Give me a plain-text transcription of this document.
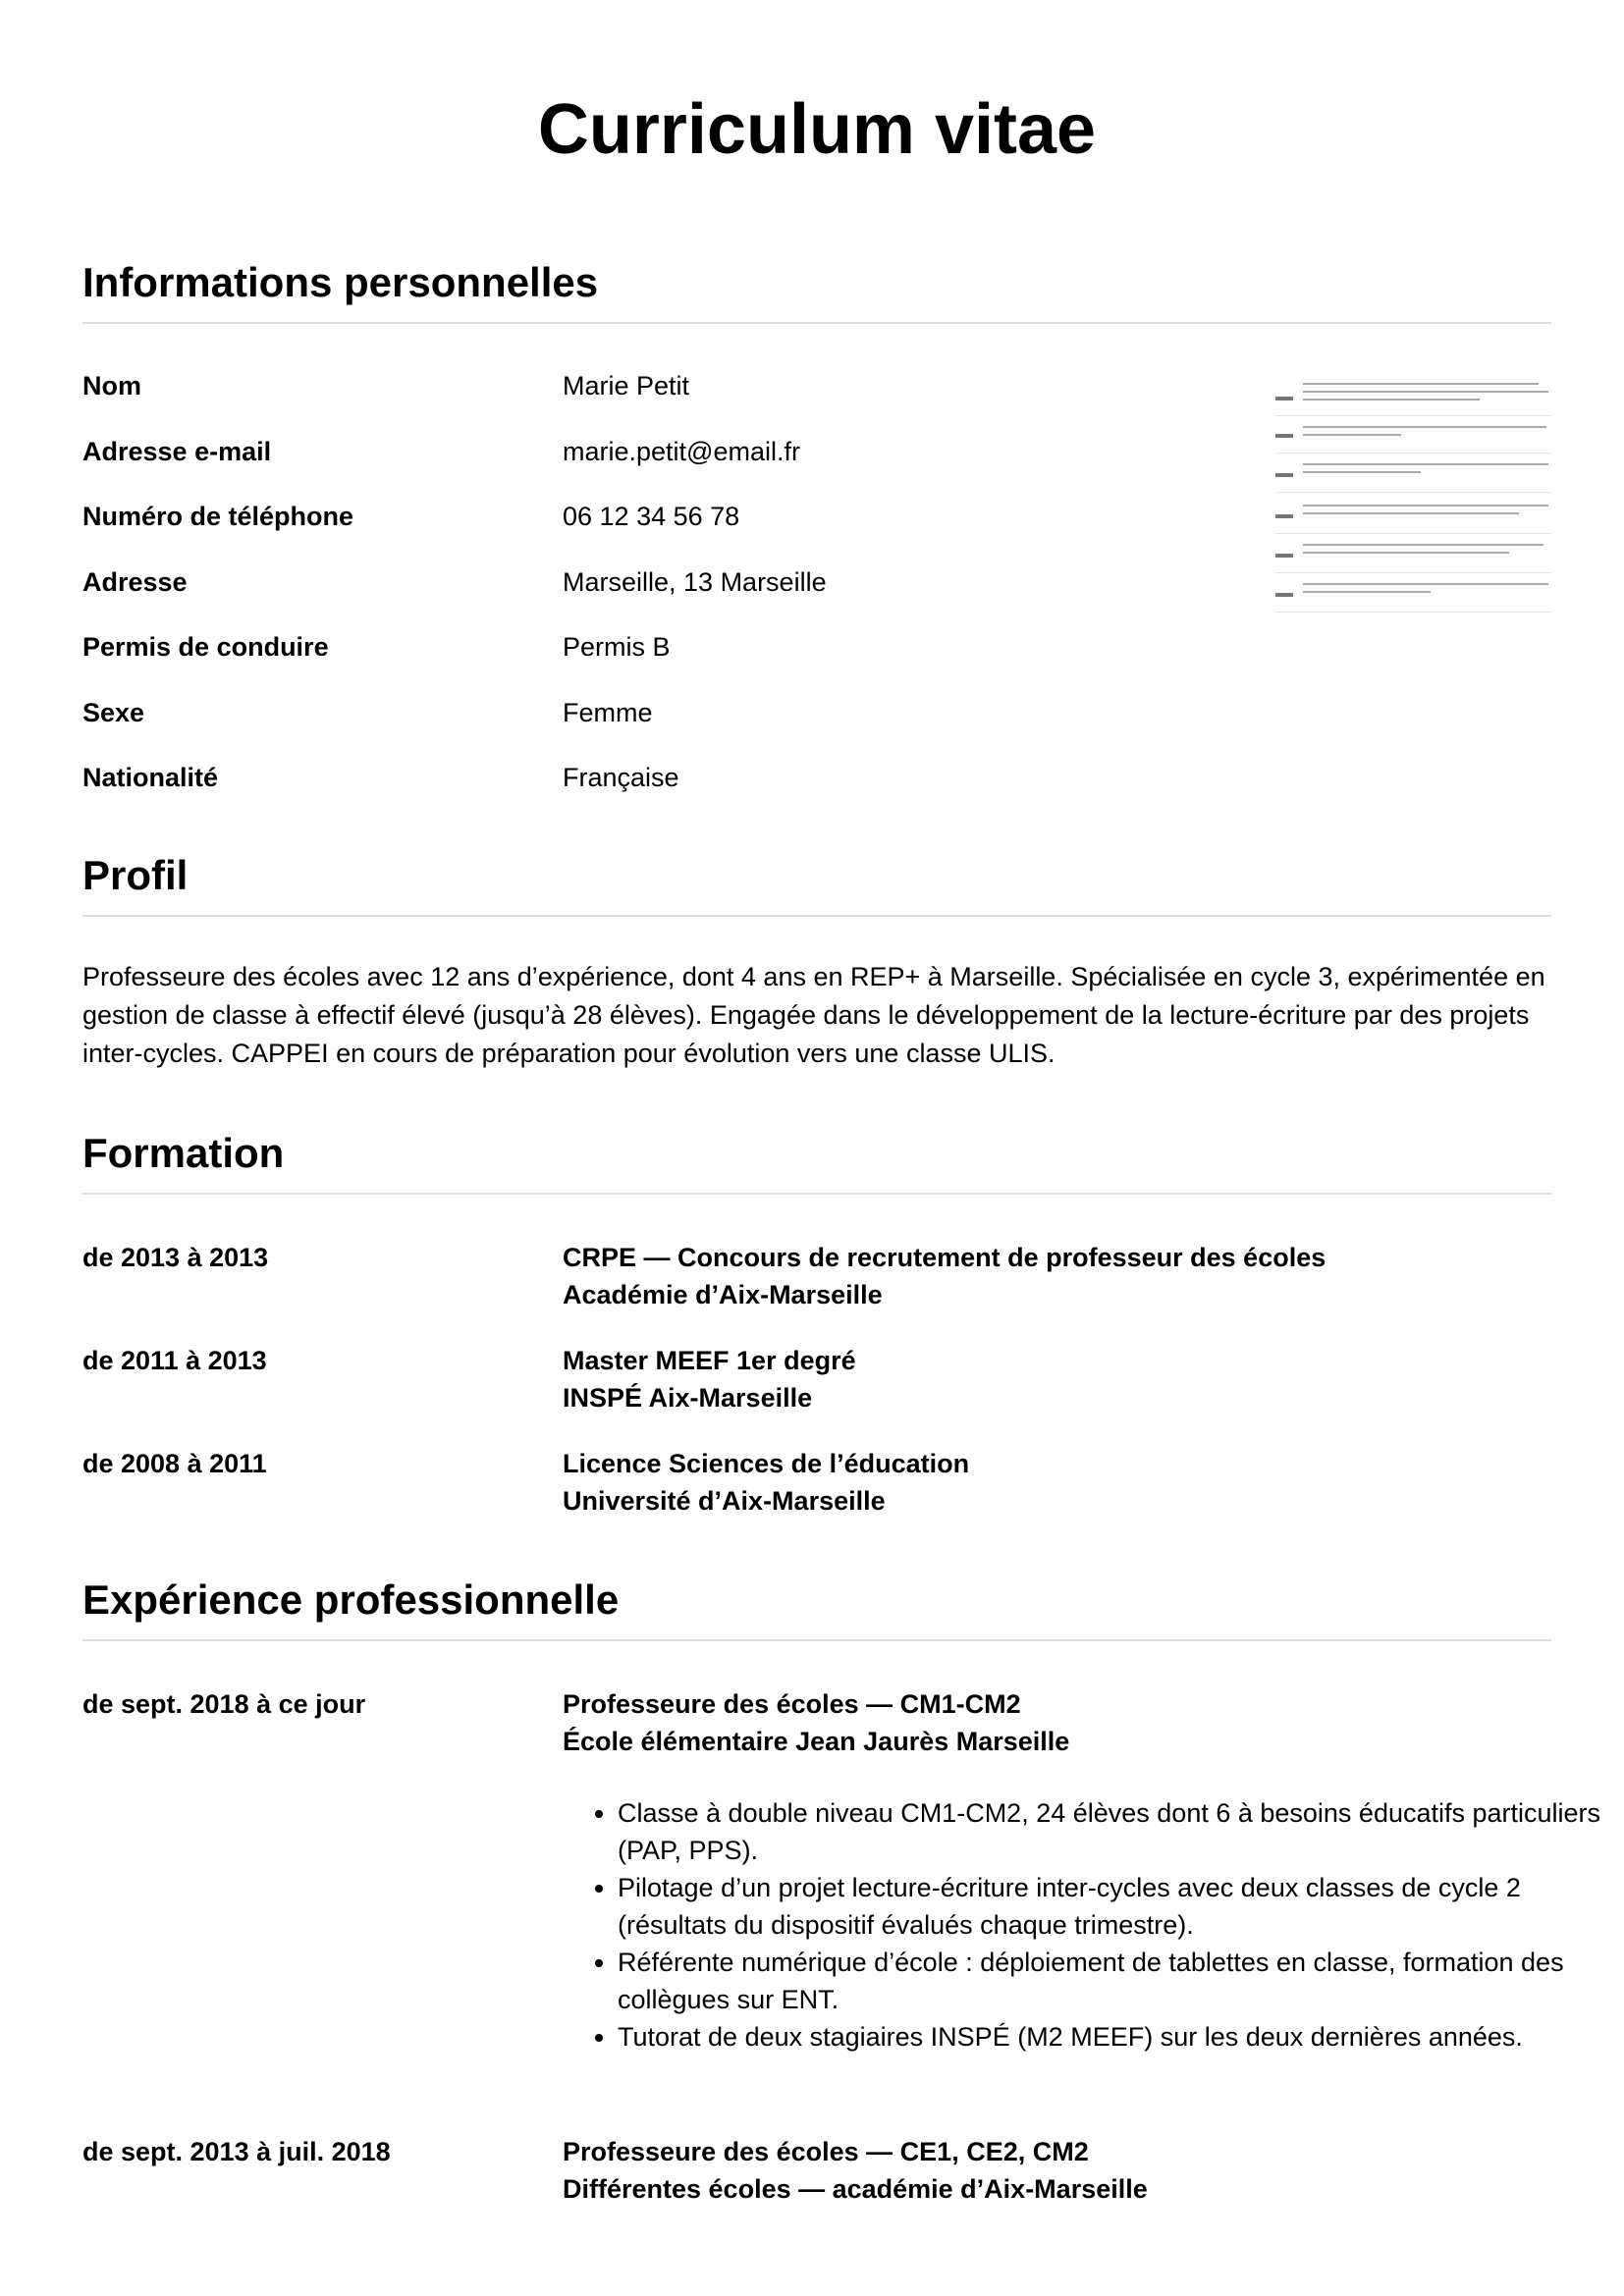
Curriculum vitae
Informations personnelles
Nom	Marie Petit
Adresse e-mail	marie.petit@email.fr
Numéro de téléphone	06 12 34 56 78
Adresse	Marseille, 13 Marseille
Permis de conduire	Permis B
Sexe	Femme
Nationalité	Française
Profil

Professeure des écoles avec 12 ans d’expérience, dont 4 ans en REP+ à Marseille. Spécialisée en cycle 3, expérimentée en gestion de classe à effectif élevé (jusqu’à 28 élèves). Engagée dans le développement de la lecture-écriture par des projets inter-cycles. CAPPEI en cours de préparation pour évolution vers une classe ULIS.

Formation
de 2013 à 2013	CRPE — Concours de recrutement de professeur des écoles
Académie d’Aix-Marseille
de 2011 à 2013	Master MEEF 1er degré
INSPÉ Aix-Marseille
de 2008 à 2011	Licence Sciences de l’éducation
Université d’Aix-Marseille
Expérience professionnelle
de sept. 2018 à ce jour	Professeure des écoles — CM1-CM2
École élémentaire Jean Jaurès Marseille
• Classe à double niveau CM1-CM2, 24 élèves dont 6 à besoins éducatifs particuliers (PAP, PPS).
• Pilotage d’un projet lecture-écriture inter-cycles avec deux classes de cycle 2 (résultats du dispositif évalués chaque trimestre).
• Référente numérique d’école : déploiement de tablettes en classe, formation des collègues sur ENT.
• Tutorat de deux stagiaires INSPÉ (M2 MEEF) sur les deux dernières années.
de sept. 2013 à juil. 2018	Professeure des écoles — CE1, CE2, CM2
Différentes écoles — académie d’Aix-Marseille
